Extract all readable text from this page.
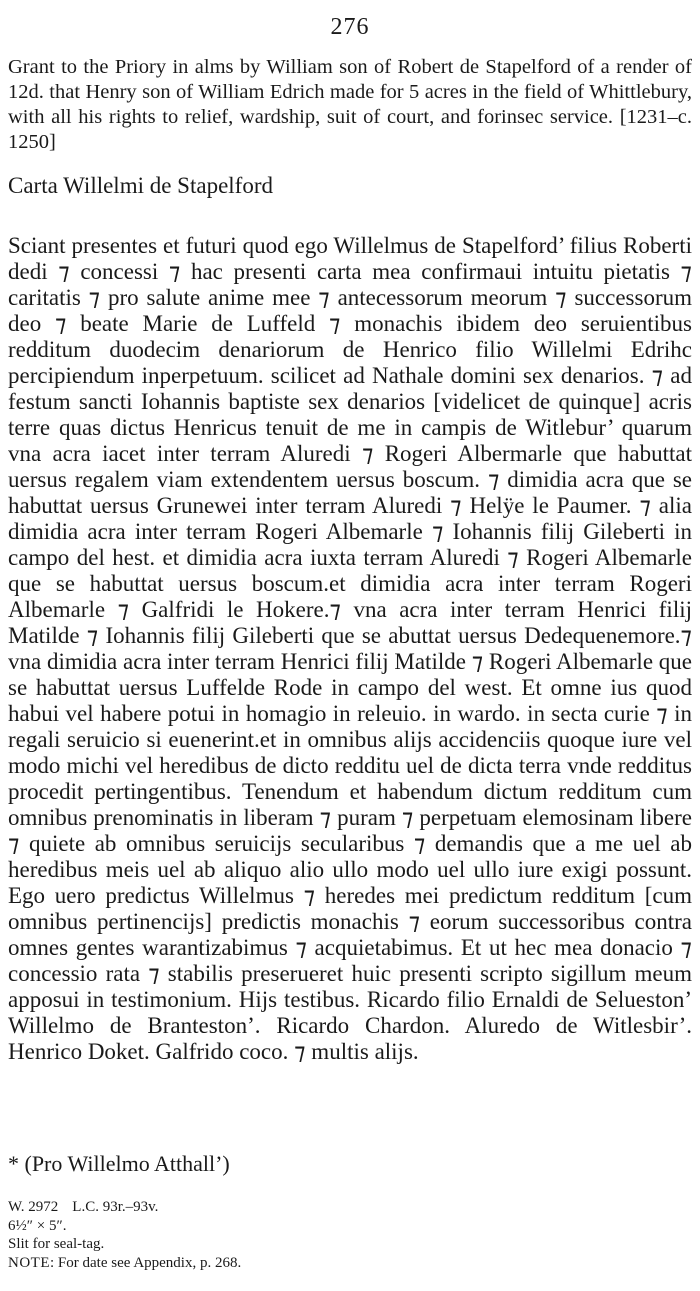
276

Grant to the Priory in alms by William son of Robert de Stapelford of a render of 12d. that Henry son of William Edrich made for 5 acres in the field of Whittlebury, with all his rights to relief, wardship, suit of court, and forinsec service. [1231–c. 1250]

Carta Willelmi de Stapelford

Sciant presentes et futuri quod ego Willelmus de Stapelford’ filius Roberti dedi ⁊ concessi ⁊ hac presenti carta mea confirmaui intuitu pietatis ⁊ caritatis ⁊ pro salute anime mee ⁊ antecessorum meorum ⁊ successorum deo ⁊ beate Marie de Luffeld ⁊ monachis ibidem deo seruientibus redditum duodecim denariorum de Henrico filio Willelmi Edrihc percipiendum inperpetuum. scilicet ad Nathale domini sex denarios. ⁊ ad festum sancti Iohannis baptiste sex denarios [videlicet de quinque] acris terre quas dictus Henricus tenuit de me in campis de Witlebur’ quarum vna acra iacet inter terram Aluredi ⁊ Rogeri Albermarle que habuttat uersus regalem viam extendentem uersus boscum. ⁊ dimidia acra que se habuttat uersus Grunewei inter terram Aluredi ⁊ Helÿe le Paumer. ⁊ alia dimidia acra inter terram Rogeri Albemarle ⁊ Iohannis filij Gileberti in campo del hest. et dimidia acra iuxta terram Aluredi ⁊ Rogeri Albemarle que se habuttat uersus boscum.et dimidia acra inter terram Rogeri Albemarle ⁊ Galfridi le Hokere.⁊ vna acra inter terram Henrici filij Matilde ⁊ Iohannis filij Gileberti que se abuttat uersus Dedequenemore.⁊ vna dimidia acra inter terram Henrici filij Matilde ⁊ Rogeri Albemarle que se habuttat uersus Luffelde Rode in campo del west. Et omne ius quod habui vel habere potui in homagio in releuio. in wardo. in secta curie ⁊ in regali seruicio si euenerint.et in omnibus alijs accidenciis quoque iure vel modo michi vel heredibus de dicto redditu uel de dicta terra vnde redditus procedit pertingentibus. Tenendum et habendum dictum redditum cum omnibus prenominatis in liberam ⁊ puram ⁊ perpetuam elemosinam libere ⁊ quiete ab omnibus seruicijs secularibus ⁊ demandis que a me uel ab heredibus meis uel ab aliquo alio ullo modo uel ullo iure exigi possunt. Ego uero predictus Willelmus ⁊ heredes mei predictum redditum [cum omnibus pertinencijs] predictis monachis ⁊ eorum successoribus contra omnes gentes warantizabimus ⁊ acquietabimus. Et ut hec mea donacio ⁊ concessio rata ⁊ stabilis preserueret huic presenti scripto sigillum meum apposui in testimonium. Hijs testibus. Ricardo filio Ernaldi de Selueston’ Willelmo de Branteston’. Ricardo Chardon. Aluredo de Witlesbir’. Henrico Doket. Galfrido coco. ⁊ multis alijs.

* (Pro Willelmo Atthall’)

W. 2972 L.C. 93r.–93v.
6½″ × 5″.
Slit for seal-tag.
NOTE: For date see Appendix, p. 268.
